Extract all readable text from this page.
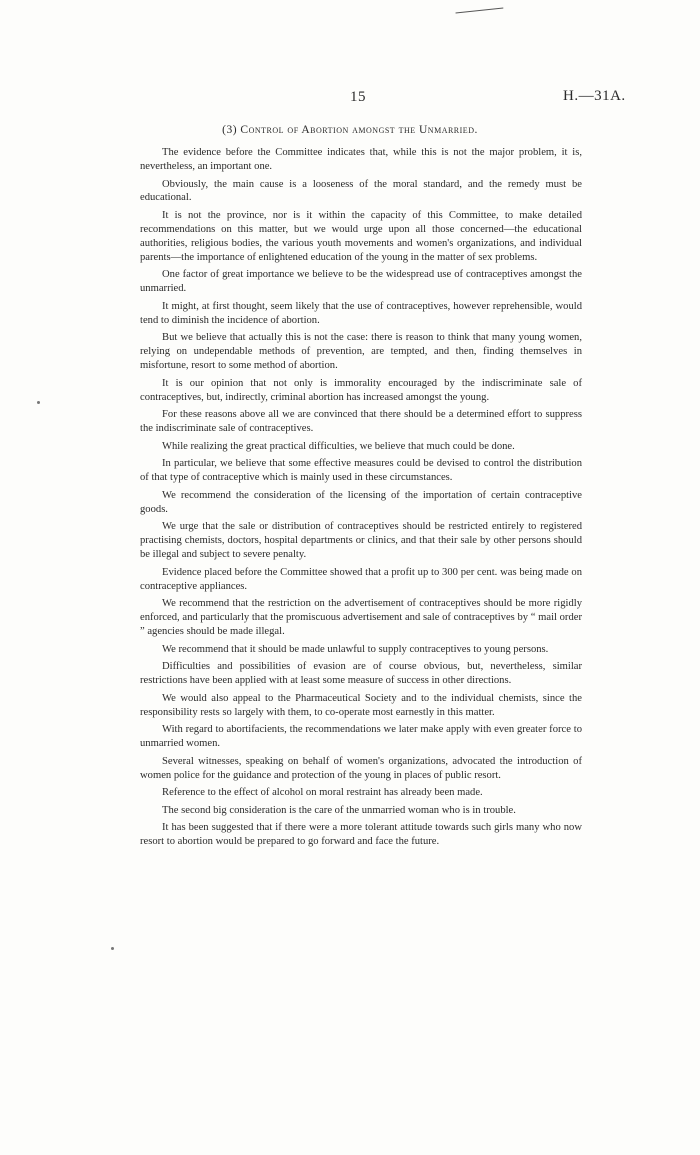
15	H.—31A.
(3) Control of Abortion amongst the Unmarried.

The evidence before the Committee indicates that, while this is not the major problem, it is, nevertheless, an important one.

Obviously, the main cause is a looseness of the moral standard, and the remedy must be educational.

It is not the province, nor is it within the capacity of this Committee, to make detailed recommendations on this matter, but we would urge upon all those concerned—the educational authorities, religious bodies, the various youth movements and women's organizations, and individual parents—the importance of enlightened education of the young in the matter of sex problems.

One factor of great importance we believe to be the widespread use of contraceptives amongst the unmarried.

It might, at first thought, seem likely that the use of contraceptives, however reprehensible, would tend to diminish the incidence of abortion.

But we believe that actually this is not the case: there is reason to think that many young women, relying on undependable methods of prevention, are tempted, and then, finding themselves in misfortune, resort to some method of abortion.

It is our opinion that not only is immorality encouraged by the indiscriminate sale of contraceptives, but, indirectly, criminal abortion has increased amongst the young.

For these reasons above all we are convinced that there should be a determined effort to suppress the indiscriminate sale of contraceptives.

While realizing the great practical difficulties, we believe that much could be done.

In particular, we believe that some effective measures could be devised to control the distribution of that type of contraceptive which is mainly used in these circumstances.

We recommend the consideration of the licensing of the importation of certain contraceptive goods.

We urge that the sale or distribution of contraceptives should be restricted entirely to registered practising chemists, doctors, hospital departments or clinics, and that their sale by other persons should be illegal and subject to severe penalty.

Evidence placed before the Committee showed that a profit up to 300 per cent. was being made on contraceptive appliances.

We recommend that the restriction on the advertisement of contraceptives should be more rigidly enforced, and particularly that the promiscuous advertisement and sale of contraceptives by “ mail order ” agencies should be made illegal.

We recommend that it should be made unlawful to supply contraceptives to young persons.

Difficulties and possibilities of evasion are of course obvious, but, nevertheless, similar restrictions have been applied with at least some measure of success in other directions.

We would also appeal to the Pharmaceutical Society and to the individual chemists, since the responsibility rests so largely with them, to co-operate most earnestly in this matter.

With regard to abortifacients, the recommendations we later make apply with even greater force to unmarried women.

Several witnesses, speaking on behalf of women's organizations, advocated the introduction of women police for the guidance and protection of the young in places of public resort.

Reference to the effect of alcohol on moral restraint has already been made.

The second big consideration is the care of the unmarried woman who is in trouble.

It has been suggested that if there were a more tolerant attitude towards such girls many who now resort to abortion would be prepared to go forward and face the future.
